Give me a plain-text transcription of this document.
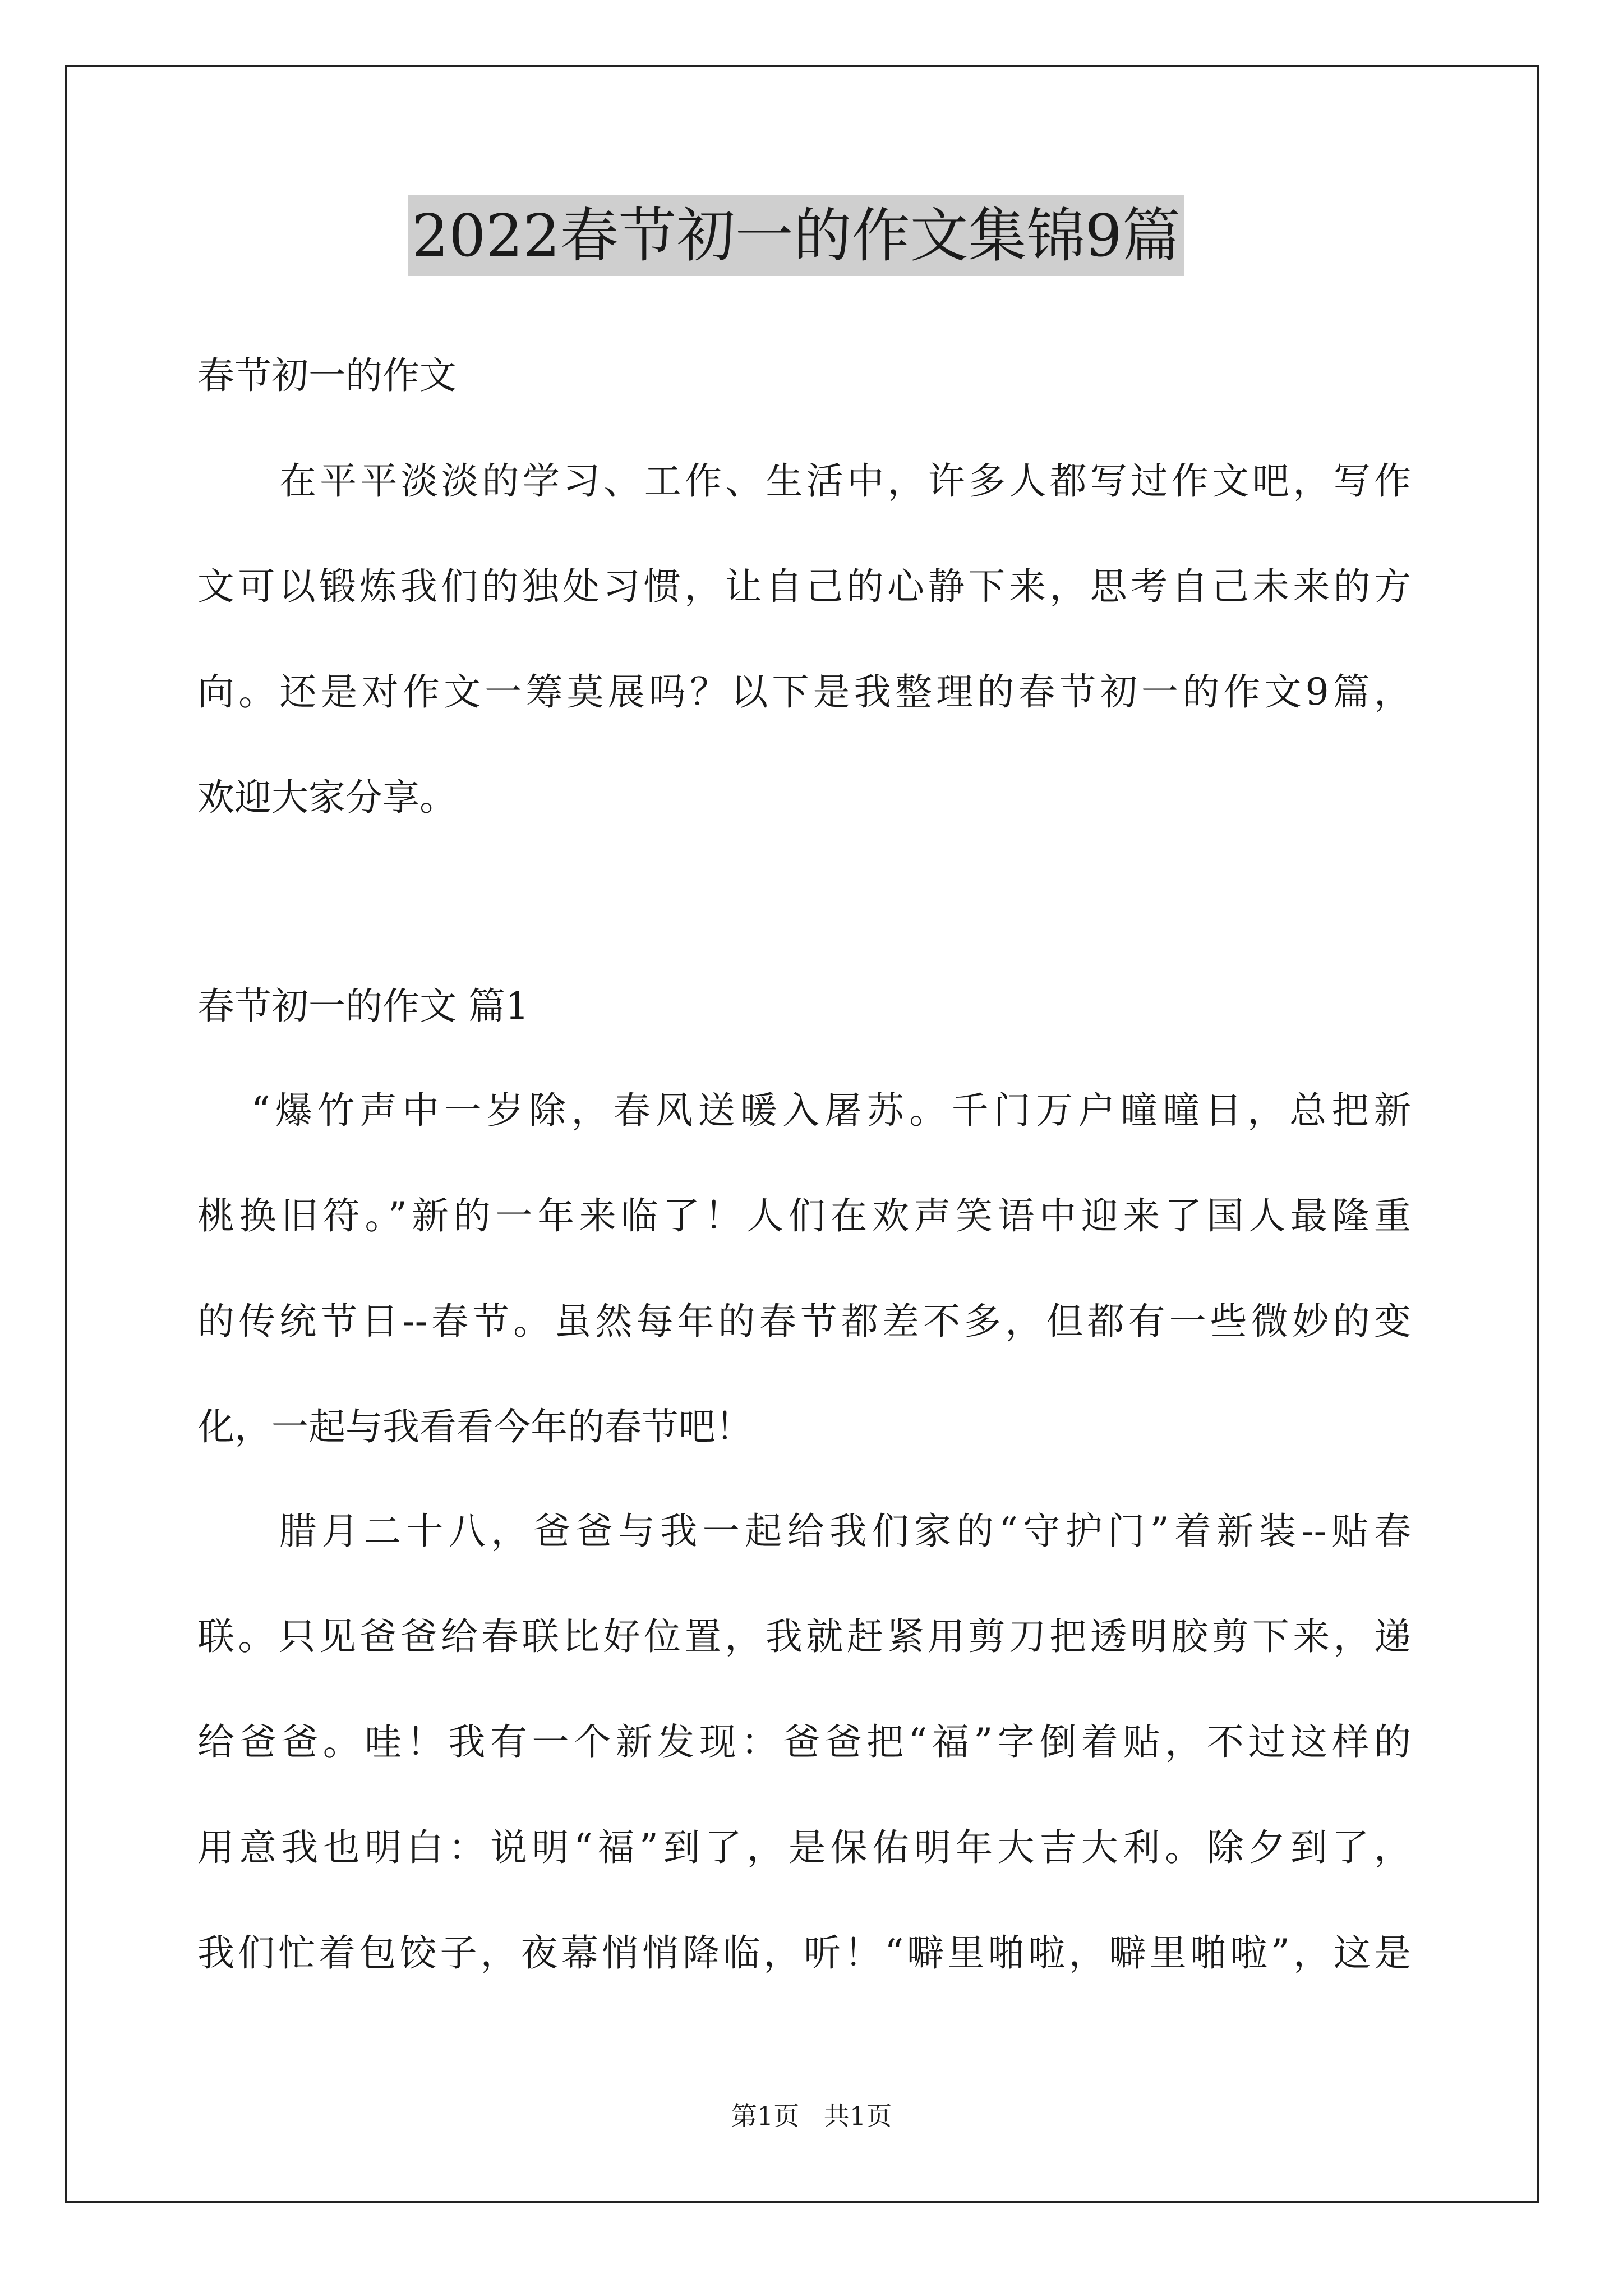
2022春节初一的作文集锦9篇

春节初一的作文

在平平淡淡的学习、工作、生活中，许多人都写过作文吧，写作

文可以锻炼我们的独处习惯，让自己的心静下来，思考自己未来的方

向。还是对作文一筹莫展吗？以下是我整理的春节初一的作文9篇，

欢迎大家分享。

春节初一的作文 篇1

“爆竹声中一岁除，春风送暖入屠苏。千门万户曈曈日，总把新

桃换旧符。”新的一年来临了！人们在欢声笑语中迎来了国人最隆重

的传统节日--春节。虽然每年的春节都差不多，但都有一些微妙的变

化，一起与我看看今年的春节吧！

腊月二十八，爸爸与我一起给我们家的“守护门”着新装--贴春

联。只见爸爸给春联比好位置，我就赶紧用剪刀把透明胶剪下来，递

给爸爸。哇！我有一个新发现：爸爸把“福”字倒着贴，不过这样的

用意我也明白：说明“福”到了，是保佑明年大吉大利。除夕到了，

我们忙着包饺子，夜幕悄悄降临，听！“噼里啪啦，噼里啪啦”，这是

第1页   共1页
